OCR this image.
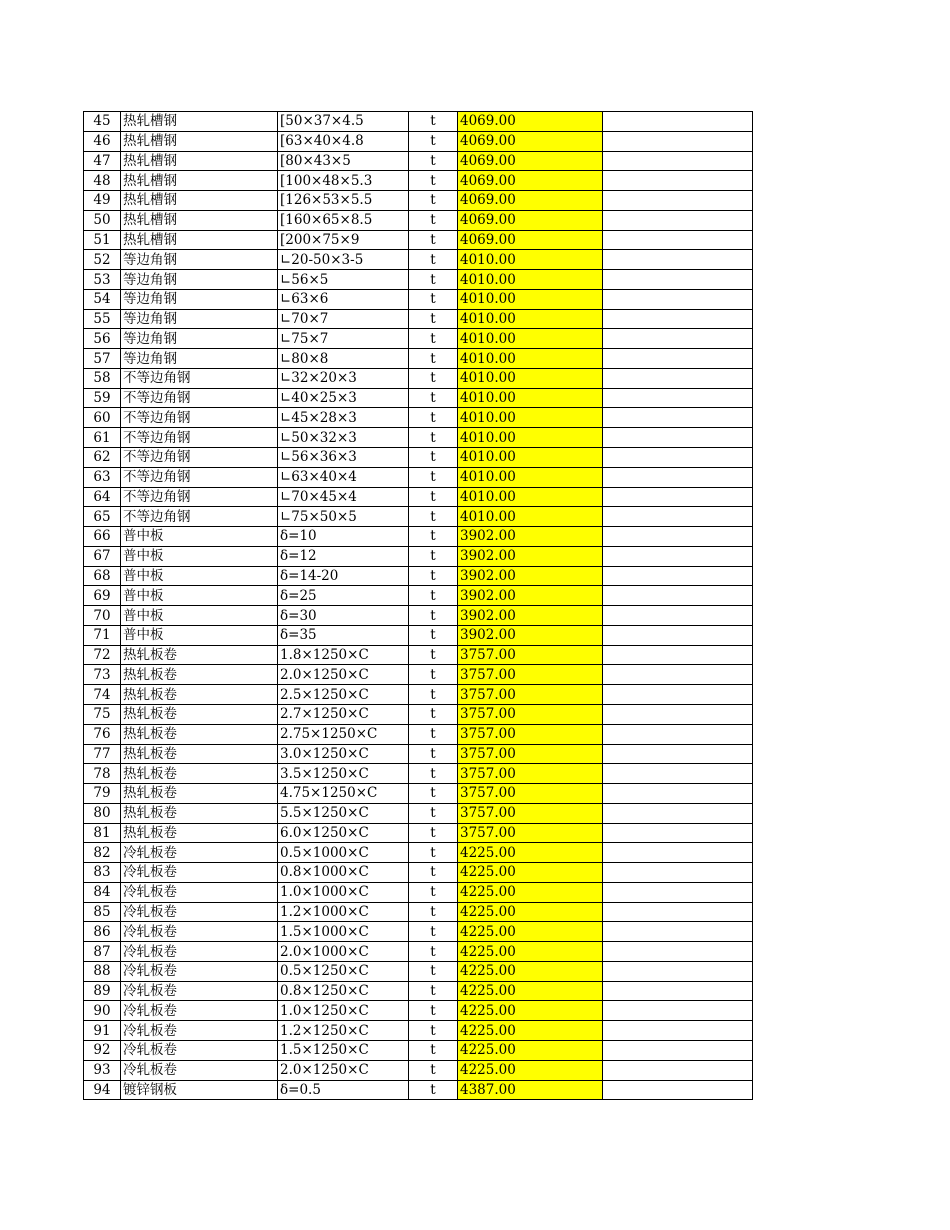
45	热轧槽钢	[50×37×4.5	t	4069.00	
46	热轧槽钢	[63×40×4.8	t	4069.00	
47	热轧槽钢	[80×43×5	t	4069.00	
48	热轧槽钢	[100×48×5.3	t	4069.00	
49	热轧槽钢	[126×53×5.5	t	4069.00	
50	热轧槽钢	[160×65×8.5	t	4069.00	
51	热轧槽钢	[200×75×9	t	4069.00	
52	等边角钢	∟20-50×3-5	t	4010.00	
53	等边角钢	∟56×5	t	4010.00	
54	等边角钢	∟63×6	t	4010.00	
55	等边角钢	∟70×7	t	4010.00	
56	等边角钢	∟75×7	t	4010.00	
57	等边角钢	∟80×8	t	4010.00	
58	不等边角钢	∟32×20×3	t	4010.00	
59	不等边角钢	∟40×25×3	t	4010.00	
60	不等边角钢	∟45×28×3	t	4010.00	
61	不等边角钢	∟50×32×3	t	4010.00	
62	不等边角钢	∟56×36×3	t	4010.00	
63	不等边角钢	∟63×40×4	t	4010.00	
64	不等边角钢	∟70×45×4	t	4010.00	
65	不等边角钢	∟75×50×5	t	4010.00	
66	普中板	δ=10	t	3902.00	
67	普中板	δ=12	t	3902.00	
68	普中板	δ=14-20	t	3902.00	
69	普中板	δ=25	t	3902.00	
70	普中板	δ=30	t	3902.00	
71	普中板	δ=35	t	3902.00	
72	热轧板卷	1.8×1250×C	t	3757.00	
73	热轧板卷	2.0×1250×C	t	3757.00	
74	热轧板卷	2.5×1250×C	t	3757.00	
75	热轧板卷	2.7×1250×C	t	3757.00	
76	热轧板卷	2.75×1250×C	t	3757.00	
77	热轧板卷	3.0×1250×C	t	3757.00	
78	热轧板卷	3.5×1250×C	t	3757.00	
79	热轧板卷	4.75×1250×C	t	3757.00	
80	热轧板卷	5.5×1250×C	t	3757.00	
81	热轧板卷	6.0×1250×C	t	3757.00	
82	冷轧板卷	0.5×1000×C	t	4225.00	
83	冷轧板卷	0.8×1000×C	t	4225.00	
84	冷轧板卷	1.0×1000×C	t	4225.00	
85	冷轧板卷	1.2×1000×C	t	4225.00	
86	冷轧板卷	1.5×1000×C	t	4225.00	
87	冷轧板卷	2.0×1000×C	t	4225.00	
88	冷轧板卷	0.5×1250×C	t	4225.00	
89	冷轧板卷	0.8×1250×C	t	4225.00	
90	冷轧板卷	1.0×1250×C	t	4225.00	
91	冷轧板卷	1.2×1250×C	t	4225.00	
92	冷轧板卷	1.5×1250×C	t	4225.00	
93	冷轧板卷	2.0×1250×C	t	4225.00	
94	镀锌钢板	δ=0.5	t	4387.00	
